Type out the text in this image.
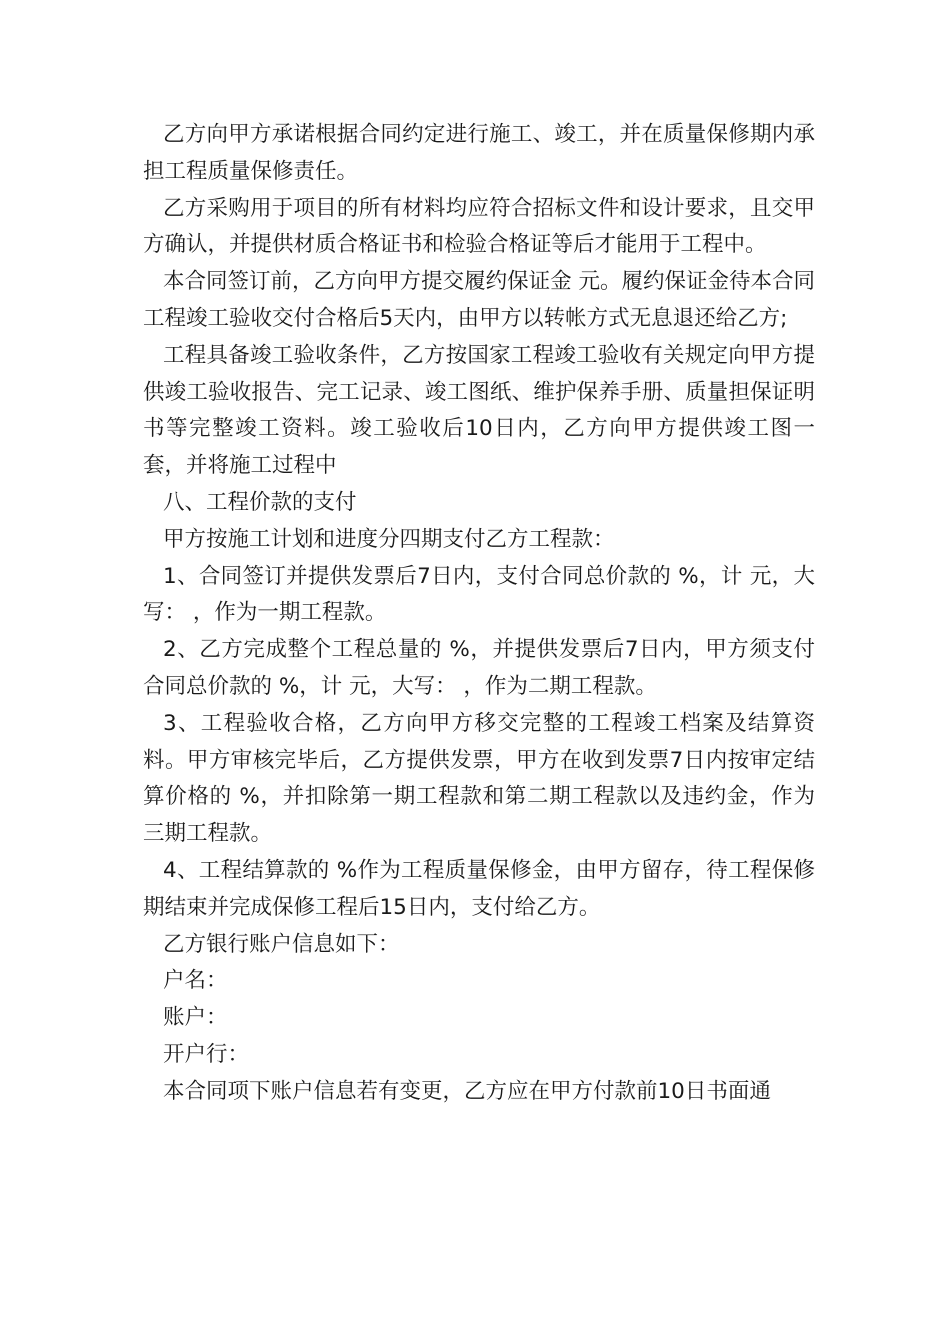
乙方向甲方承诺根据合同约定进行施工、竣工，并在质量保修期内承担工程质量保修责任。

乙方采购用于项目的所有材料均应符合招标文件和设计要求，且交甲方确认，并提供材质合格证书和检验合格证等后才能用于工程中。

本合同签订前，乙方向甲方提交履约保证金 元。履约保证金待本合同工程竣工验收交付合格后5天内，由甲方以转帐方式无息退还给乙方;

工程具备竣工验收条件，乙方按国家工程竣工验收有关规定向甲方提供竣工验收报告、完工记录、竣工图纸、维护保养手册、质量担保证明书等完整竣工资料。竣工验收后10日内，乙方向甲方提供竣工图一套，并将施工过程中

八、工程价款的支付

甲方按施工计划和进度分四期支付乙方工程款：

1、合同签订并提供发票后7日内，支付合同总价款的 %，计 元，大写： ，作为一期工程款。

2、乙方完成整个工程总量的 %，并提供发票后7日内，甲方须支付合同总价款的 %，计 元，大写： ，作为二期工程款。

3、工程验收合格，乙方向甲方移交完整的工程竣工档案及结算资料。甲方审核完毕后，乙方提供发票，甲方在收到发票7日内按审定结算价格的 %，并扣除第一期工程款和第二期工程款以及违约金，作为三期工程款。

4、工程结算款的 %作为工程质量保修金，由甲方留存，待工程保修期结束并完成保修工程后15日内，支付给乙方。

乙方银行账户信息如下：

户名：

账户：

开户行：

本合同项下账户信息若有变更，乙方应在甲方付款前10日书面通
